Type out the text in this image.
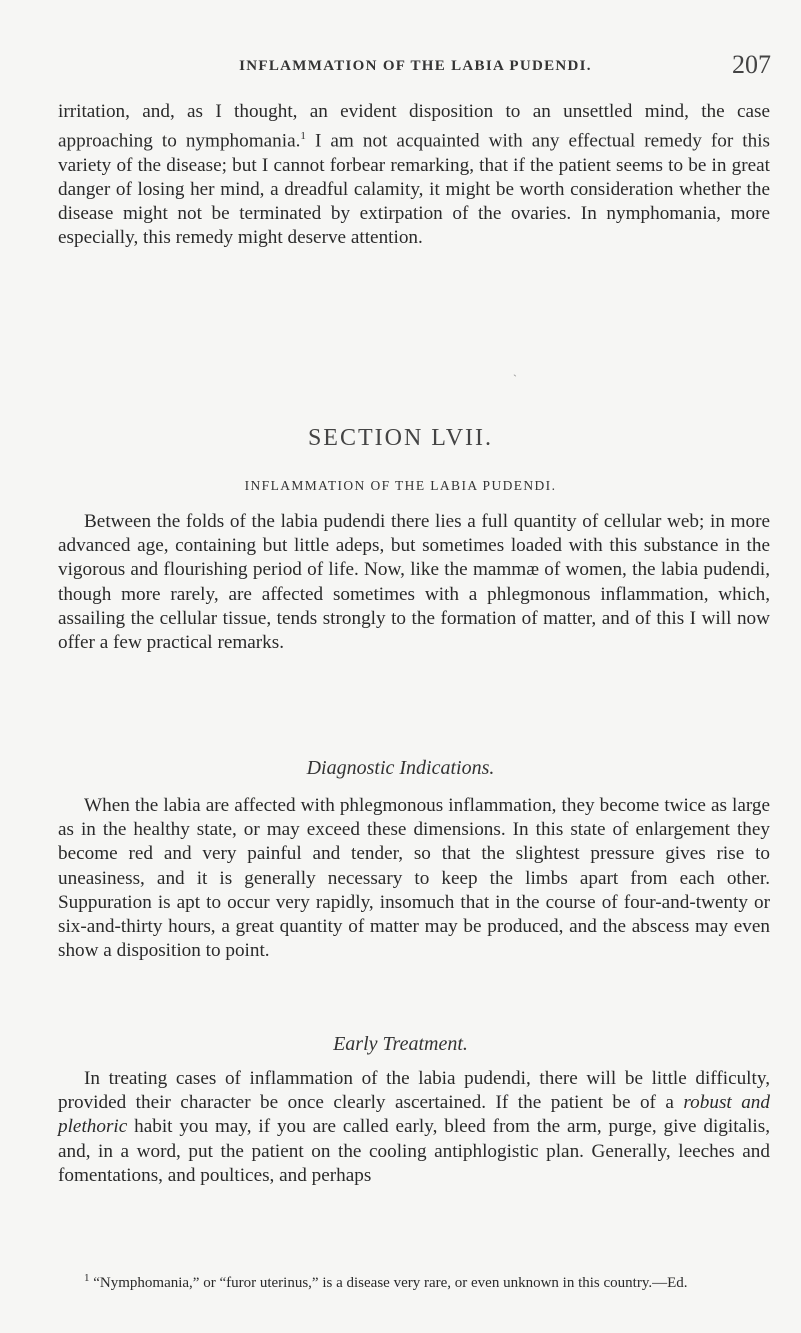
INFLAMMATION OF THE LABIA PUDENDI.	207

irritation, and, as I thought, an evident disposition to an unsettled mind, the case approaching to nymphomania.$^1$ I am not acquainted with any effectual remedy for this variety of the disease; but I cannot forbear remarking, that if the patient seems to be in great danger of losing her mind, a dreadful calamity, it might be worth consideration whether the disease might not be terminated by extirpation of the ovaries. In nymphomania, more especially, this remedy might deserve attention.

`
SECTION LVII.
INFLAMMATION OF THE LABIA PUDENDI.

Between the folds of the labia pudendi there lies a full quantity of cellular web; in more advanced age, containing but little adeps, but sometimes loaded with this substance in the vigorous and flourishing period of life. Now, like the mammæ of women, the labia pudendi, though more rarely, are affected sometimes with a phlegmonous inflammation, which, assailing the cellular tissue, tends strongly to the formation of matter, and of this I will now offer a few practical remarks.

Diagnostic Indications.

When the labia are affected with phlegmonous inflammation, they become twice as large as in the healthy state, or may exceed these dimensions. In this state of enlargement they become red and very painful and tender, so that the slightest pressure gives rise to uneasiness, and it is generally necessary to keep the limbs apart from each other. Suppuration is apt to occur very rapidly, insomuch that in the course of four-and-twenty or six-and-thirty hours, a great quantity of matter may be produced, and the abscess may even show a disposition to point.

Early Treatment.

In treating cases of inflammation of the labia pudendi, there will be little difficulty, provided their character be once clearly ascertained. If the patient be of a robust and plethoric habit you may, if you are called early, bleed from the arm, purge, give digitalis, and, in a word, put the patient on the cooling antiphlogistic plan. Generally, leeches and fomentations, and poultices, and perhaps

$^1$ “Nymphomania,” or “furor uterinus,” is a disease very rare, or even unknown in this country.—Ed.
